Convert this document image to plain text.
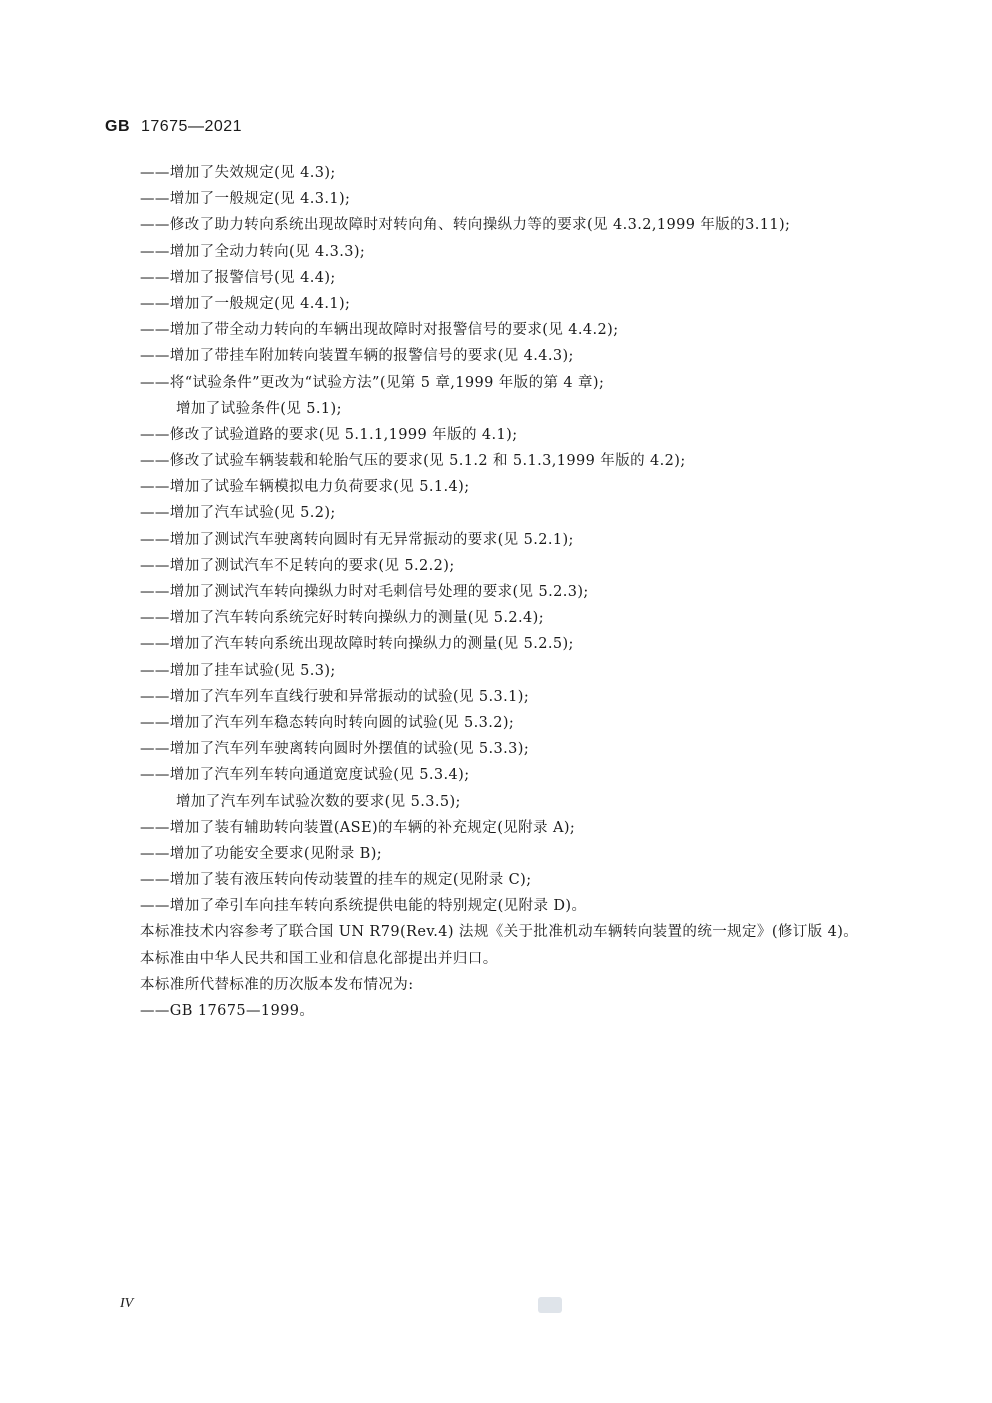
GB 17675—2021
——增加了失效规定(见 4.3);
——增加了一般规定(见 4.3.1);
——修改了助力转向系统出现故障时对转向角、转向操纵力等的要求(见 4.3.2,1999 年版的3.11);
——增加了全动力转向(见 4.3.3);
——增加了报警信号(见 4.4);
——增加了一般规定(见 4.4.1);
——增加了带全动力转向的车辆出现故障时对报警信号的要求(见 4.4.2);
——增加了带挂车附加转向装置车辆的报警信号的要求(见 4.4.3);
——将“试验条件”更改为“试验方法”(见第 5 章,1999 年版的第 4 章);
增加了试验条件(见 5.1);
——修改了试验道路的要求(见 5.1.1,1999 年版的 4.1);
——修改了试验车辆装载和轮胎气压的要求(见 5.1.2 和 5.1.3,1999 年版的 4.2);
——增加了试验车辆模拟电力负荷要求(见 5.1.4);
——增加了汽车试验(见 5.2);
——增加了测试汽车驶离转向圆时有无异常振动的要求(见 5.2.1);
——增加了测试汽车不足转向的要求(见 5.2.2);
——增加了测试汽车转向操纵力时对毛刺信号处理的要求(见 5.2.3);
——增加了汽车转向系统完好时转向操纵力的测量(见 5.2.4);
——增加了汽车转向系统出现故障时转向操纵力的测量(见 5.2.5);
——增加了挂车试验(见 5.3);
——增加了汽车列车直线行驶和异常振动的试验(见 5.3.1);
——增加了汽车列车稳态转向时转向圆的试验(见 5.3.2);
——增加了汽车列车驶离转向圆时外摆值的试验(见 5.3.3);
——增加了汽车列车转向通道宽度试验(见 5.3.4);
增加了汽车列车试验次数的要求(见 5.3.5);
——增加了装有辅助转向装置(ASE)的车辆的补充规定(见附录 A);
——增加了功能安全要求(见附录 B);
——增加了装有液压转向传动装置的挂车的规定(见附录 C);
——增加了牵引车向挂车转向系统提供电能的特别规定(见附录 D)。
本标准技术内容参考了联合国 UN R79(Rev.4) 法规《关于批准机动车辆转向装置的统一规定》(修订版 4)。
本标准由中华人民共和国工业和信息化部提出并归口。
本标准所代替标准的历次版本发布情况为:
——GB 17675—1999。
IV
